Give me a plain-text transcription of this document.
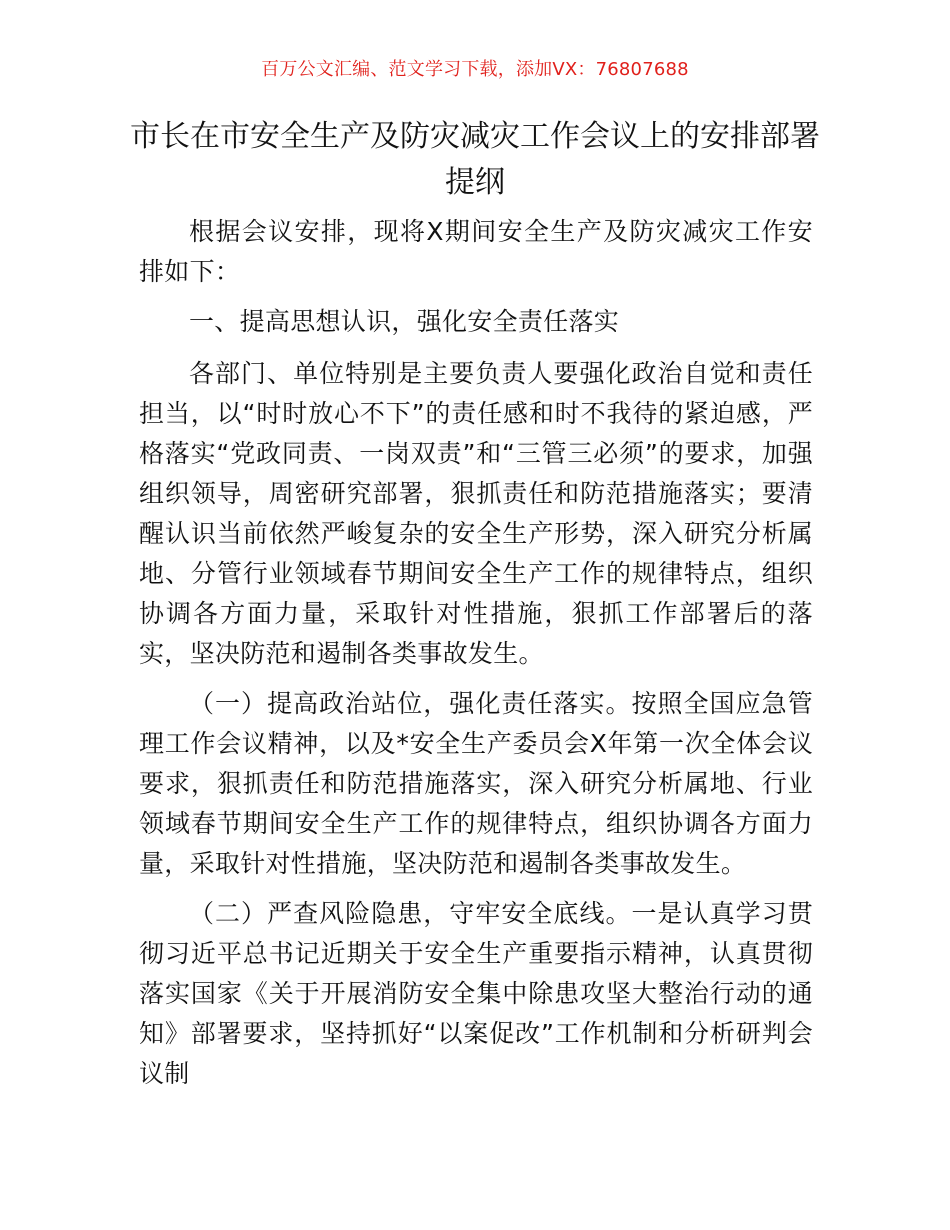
百万公文汇编、范文学习下载，添加VX：76807688
市长在市安全生产及防灾减灾工作会议上的安排部署提纲

根据会议安排，现将X期间安全生产及防灾减灾工作安排如下：

一、提高思想认识，强化安全责任落实

各部门、单位特别是主要负责人要强化政治自觉和责任担当，以“时时放心不下”的责任感和时不我待的紧迫感，严格落实“党政同责、一岗双责”和“三管三必须”的要求，加强组织领导，周密研究部署，狠抓责任和防范措施落实；要清醒认识当前依然严峻复杂的安全生产形势，深入研究分析属地、分管行业领域春节期间安全生产工作的规律特点，组织协调各方面力量，采取针对性措施，狠抓工作部署后的落实，坚决防范和遏制各类事故发生。

（一）提高政治站位，强化责任落实。按照全国应急管理工作会议精神，以及*安全生产委员会X年第一次全体会议要求，狠抓责任和防范措施落实，深入研究分析属地、行业领域春节期间安全生产工作的规律特点，组织协调各方面力量，采取针对性措施，坚决防范和遏制各类事故发生。

（二）严查风险隐患，守牢安全底线。一是认真学习贯彻习近平总书记近期关于安全生产重要指示精神，认真贯彻落实国家《关于开展消防安全集中除患攻坚大整治行动的通知》部署要求，坚持抓好“以案促改”工作机制和分析研判会议制
